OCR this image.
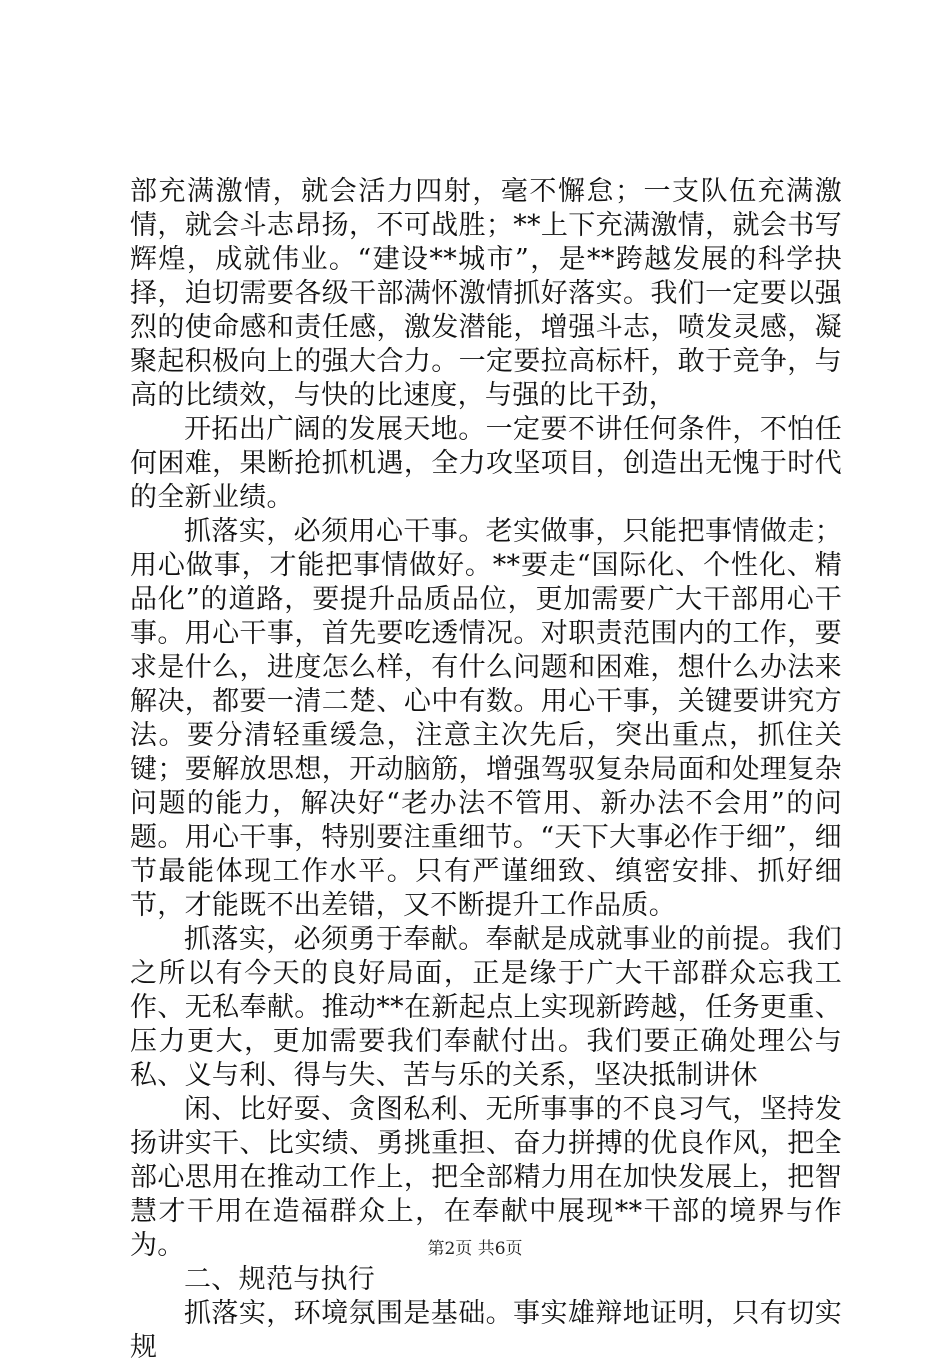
部充满激情，就会活力四射，毫不懈怠；一支队伍充满激情，就会斗志昂扬，不可战胜；**上下充满激情，就会书写辉煌，成就伟业。“建设**城市”，是**跨越发展的科学抉择，迫切需要各级干部满怀激情抓好落实。我们一定要以强烈的使命感和责任感，激发潜能，增强斗志，喷发灵感，凝聚起积极向上的强大合力。一定要拉高标杆，敢于竞争，与高的比绩效，与快的比速度，与强的比干劲，

开拓出广阔的发展天地。一定要不讲任何条件，不怕任何困难，果断抢抓机遇，全力攻坚项目，创造出无愧于时代的全新业绩。

抓落实，必须用心干事。老实做事，只能把事情做走；用心做事，才能把事情做好。**要走“国际化、个性化、精品化”的道路，要提升品质品位，更加需要广大干部用心干事。用心干事，首先要吃透情况。对职责范围内的工作，要求是什么，进度怎么样，有什么问题和困难，想什么办法来解决，都要一清二楚、心中有数。用心干事，关键要讲究方法。要分清轻重缓急，注意主次先后，突出重点，抓住关键；要解放思想，开动脑筋，增强驾驭复杂局面和处理复杂问题的能力，解决好“老办法不管用、新办法不会用”的问题。用心干事，特别要注重细节。“天下大事必作于细”，细节最能体现工作水平。只有严谨细致、缜密安排、抓好细节，才能既不出差错，又不断提升工作品质。

抓落实，必须勇于奉献。奉献是成就事业的前提。我们之所以有今天的良好局面，正是缘于广大干部群众忘我工作、无私奉献。推动**在新起点上实现新跨越，任务更重、压力更大，更加需要我们奉献付出。我们要正确处理公与私、义与利、得与失、苦与乐的关系，坚决抵制讲休

闲、比好耍、贪图私利、无所事事的不良习气，坚持发扬讲实干、比实绩、勇挑重担、奋力拼搏的优良作风，把全部心思用在推动工作上，把全部精力用在加快发展上，把智慧才干用在造福群众上，在奉献中展现**干部的境界与作为。

二、规范与执行

抓落实，环境氛围是基础。事实雄辩地证明，只有切实规

第2页 共6页
